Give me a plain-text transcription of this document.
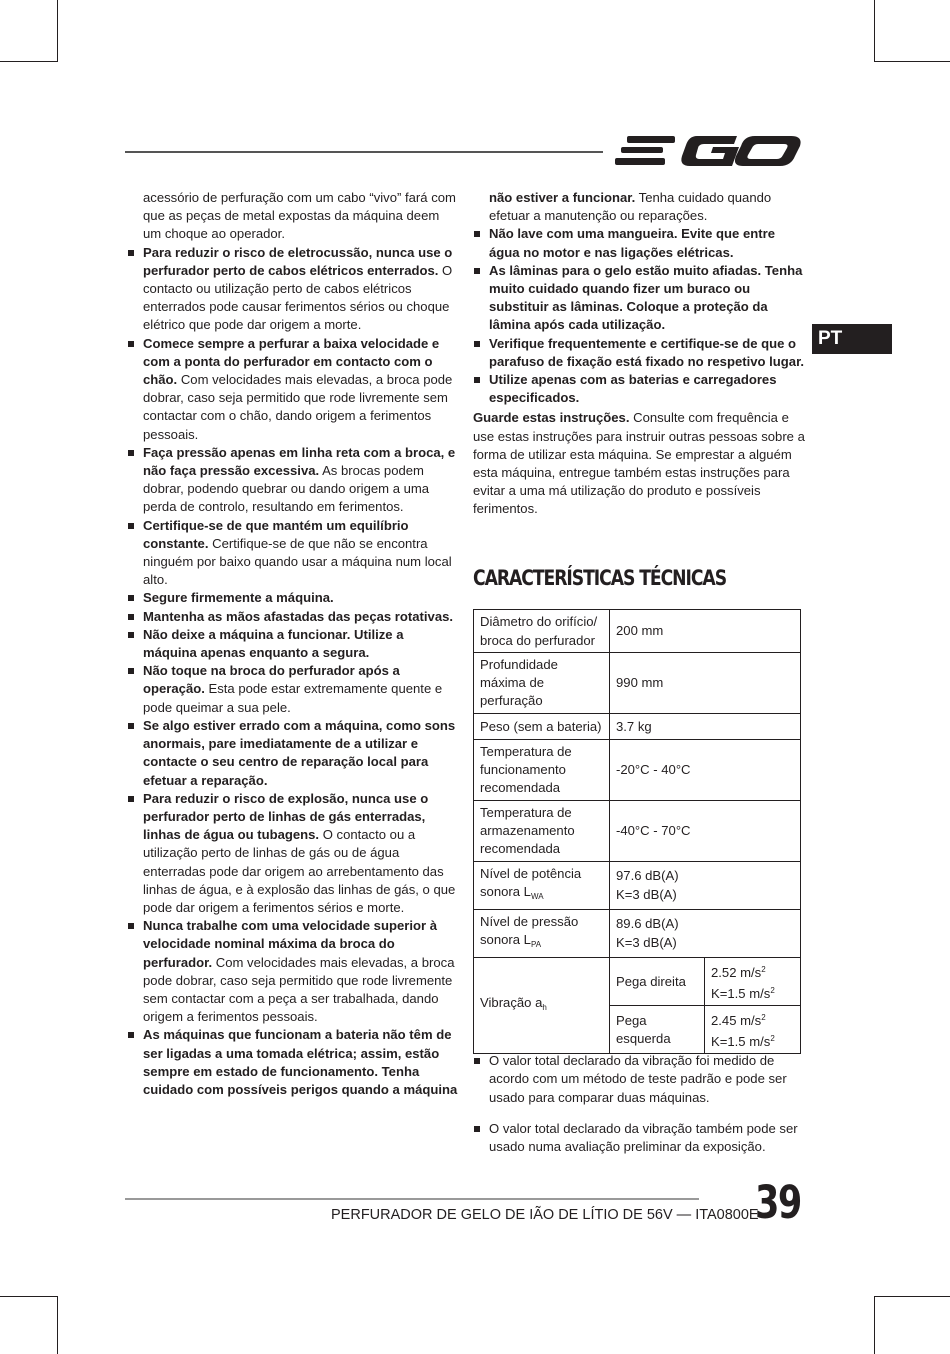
PT

acessório de perfuração com um cabo “vivo” fará com que as peças de metal expostas da máquina deem um choque ao operador.

Para reduzir o risco de eletrocussão, nunca use o perfurador perto de cabos elétricos enterrados. O contacto ou utilização perto de cabos elétricos enterrados pode causar ferimentos sérios ou choque elétrico que pode dar origem a morte.

Comece sempre a perfurar a baixa velocidade e com a ponta do perfurador em contacto com o chão. Com velocidades mais elevadas, a broca pode dobrar, caso seja permitido que rode livremente sem contactar com o chão, dando origem a ferimentos pessoais.

Faça pressão apenas em linha reta com a broca, e não faça pressão excessiva. As brocas podem dobrar, podendo quebrar ou dando origem a uma perda de controlo, resultando em ferimentos.

Certifique-se de que mantém um equilíbrio constante. Certifique-se de que não se encontra ninguém por baixo quando usar a máquina num local alto.

Segure firmemente a máquina.

Mantenha as mãos afastadas das peças rotativas.

Não deixe a máquina a funcionar. Utilize a máquina apenas enquanto a segura.

Não toque na broca do perfurador após a operação. Esta pode estar extremamente quente e pode queimar a sua pele.

Se algo estiver errado com a máquina, como sons anormais, pare imediatamente de a utilizar e contacte o seu centro de reparação local para efetuar a reparação.

Para reduzir o risco de explosão, nunca use o perfurador perto de linhas de gás enterradas, linhas de água ou tubagens. O contacto ou a utilização perto de linhas de gás ou de água enterradas pode dar origem ao arrebentamento das linhas de água, e à explosão das linhas de gás, o que pode dar origem a ferimentos sérios e morte.

Nunca trabalhe com uma velocidade superior à velocidade nominal máxima da broca do perfurador. Com velocidades mais elevadas, a broca pode dobrar, caso seja permitido que rode livremente sem contactar com a peça a ser trabalhada, dando origem a ferimentos pessoais.

As máquinas que funcionam a bateria não têm de ser ligadas a uma tomada elétrica; assim, estão sempre em estado de funcionamento. Tenha cuidado com possíveis perigos quando a máquina

não estiver a funcionar. Tenha cuidado quando efetuar a manutenção ou reparações.

Não lave com uma mangueira. Evite que entre água no motor e nas ligações elétricas.

As lâminas para o gelo estão muito afiadas. Tenha muito cuidado quando fizer um buraco ou substituir as lâminas. Coloque a proteção da lâmina após cada utilização.

Verifique frequentemente e certifique-se de que o parafuso de fixação está fixado no respetivo lugar.

Utilize apenas com as baterias e carregadores especificados.

Guarde estas instruções. Consulte com frequência e use estas instruções para instruir outras pessoas sobre a forma de utilizar esta máquina. Se emprestar a alguém esta máquina, entregue também estas instruções para evitar a uma má utilização do produto e possíveis ferimentos.

CARACTERÍSTICAS TÉCNICAS
Diâmetro do orifício/ broca do perfurador	200 mm	
Profundidade máxima de perfuração	990 mm	
Peso (sem a bateria)	3.7 kg	
Temperatura de funcionamento recomendada	-20°C - 40°C	
Temperatura de armazenamento recomendada	-40°C - 70°C	
Nível de potência sonora $L_{WA}$	97.6 dB(A)
K=3 dB(A)	

Nível de pressão sonora $L_{PA}$	89.6 dB(A)
K=3 dB(A)	

Vibração $a_h$	Pega direita	2.52 $m/s^2$
K=1.5 $m/s^2$

	Pega esquerda	2.45 $m/s^2$
K=1.5 $m/s^2$

O valor total declarado da vibração foi medido de acordo com um método de teste padrão e pode ser usado para comparar duas máquinas.

O valor total declarado da vibração também pode ser usado numa avaliação preliminar da exposição.

PERFURADOR DE GELO DE IÃO DE LÍTIO DE 56V — ITA0800E
39
